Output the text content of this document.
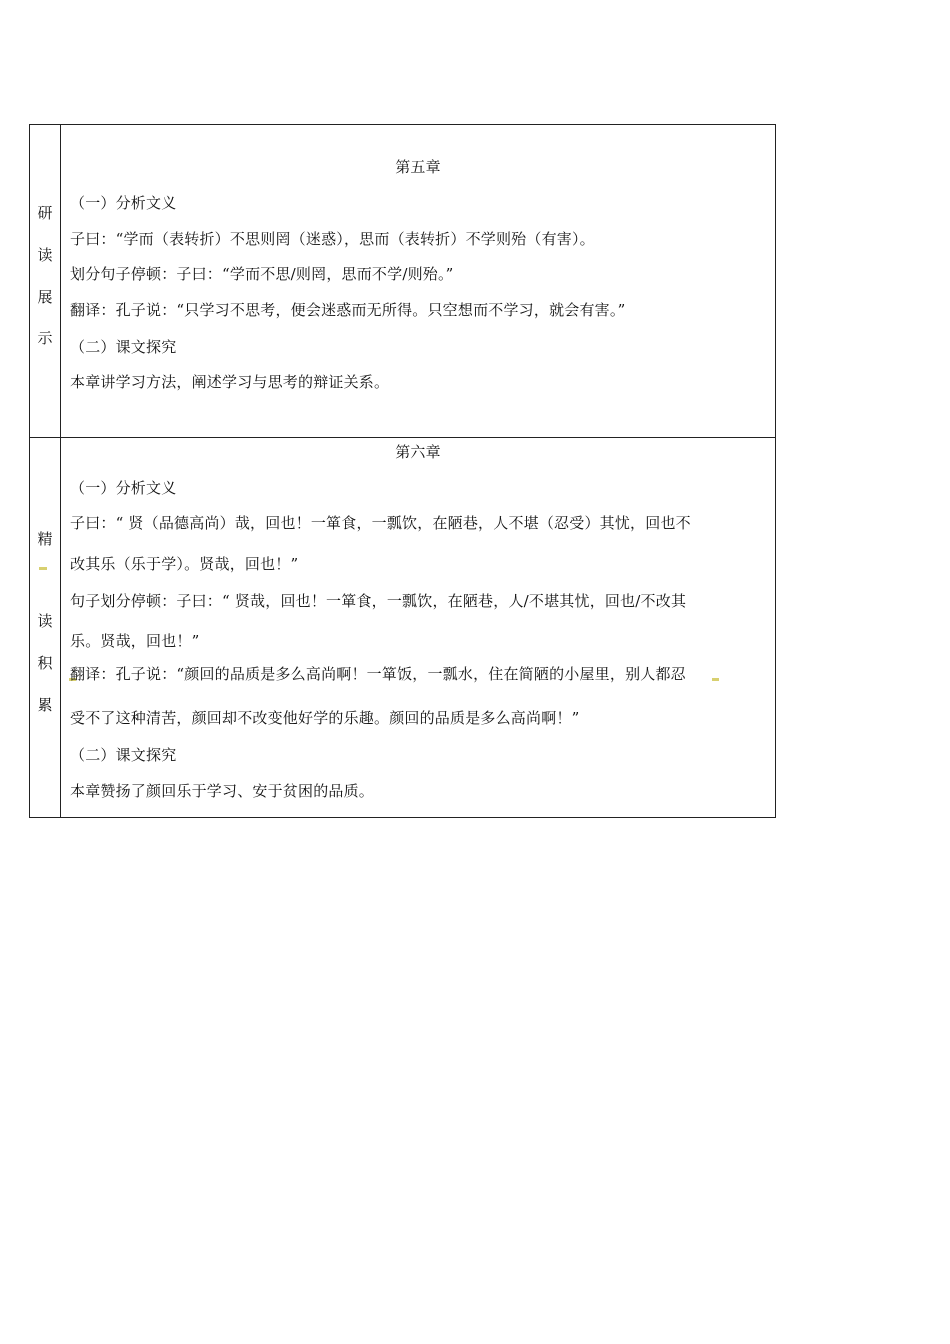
研
读
展
示
第五章
（一）分析文义
子曰：“学而（表转折）不思则罔（迷惑），思而（表转折）不学则殆（有害）。
划分句子停顿：子曰：“学而不思/则罔，思而不学/则殆。”
翻译：孔子说：“只学习不思考，便会迷惑而无所得。只空想而不学习，就会有害。”
（二）课文探究
本章讲学习方法，阐述学习与思考的辩证关系。
精
读
积
累
第六章
（一）分析文义
子曰：“ 贤（品德高尚）哉，回也！一箪食，一瓢饮，在陋巷，人不堪（忍受）其忧，回也不
改其乐（乐于学）。贤哉，回也！”
句子划分停顿：子曰：“ 贤哉，回也！一箪食，一瓢饮，在陋巷，人/不堪其忧，回也/不改其
乐。贤哉，回也！”
翻译：孔子说：“颜回的品质是多么高尚啊！一箪饭，一瓢水，住在简陋的小屋里，别人都忍
受不了这种清苦，颜回却不改变他好学的乐趣。颜回的品质是多么高尚啊！”
（二）课文探究
本章赞扬了颜回乐于学习、安于贫困的品质。
